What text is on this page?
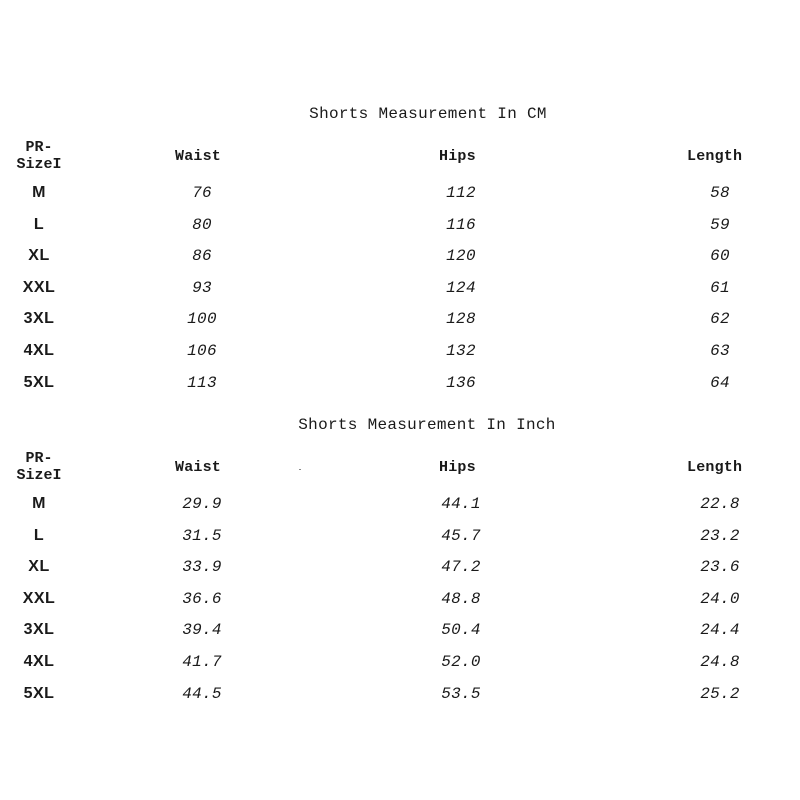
Shorts Measurement In CM
PR-
SizeI	Waist	Hips	Length
M	76	112	58
L	80	116	59
XL	86	120	60
XXL	93	124	61
3XL	100	128	62
4XL	106	132	63
5XL	113	136	64
Shorts Measurement In Inch
PR-
SizeI	Waist	Hips	Length
M	29.9	44.1	22.8
L	31.5	45.7	23.2
XL	33.9	47.2	23.6
XXL	36.6	48.8	24.0
3XL	39.4	50.4	24.4
4XL	41.7	52.0	24.8
5XL	44.5	53.5	25.2
